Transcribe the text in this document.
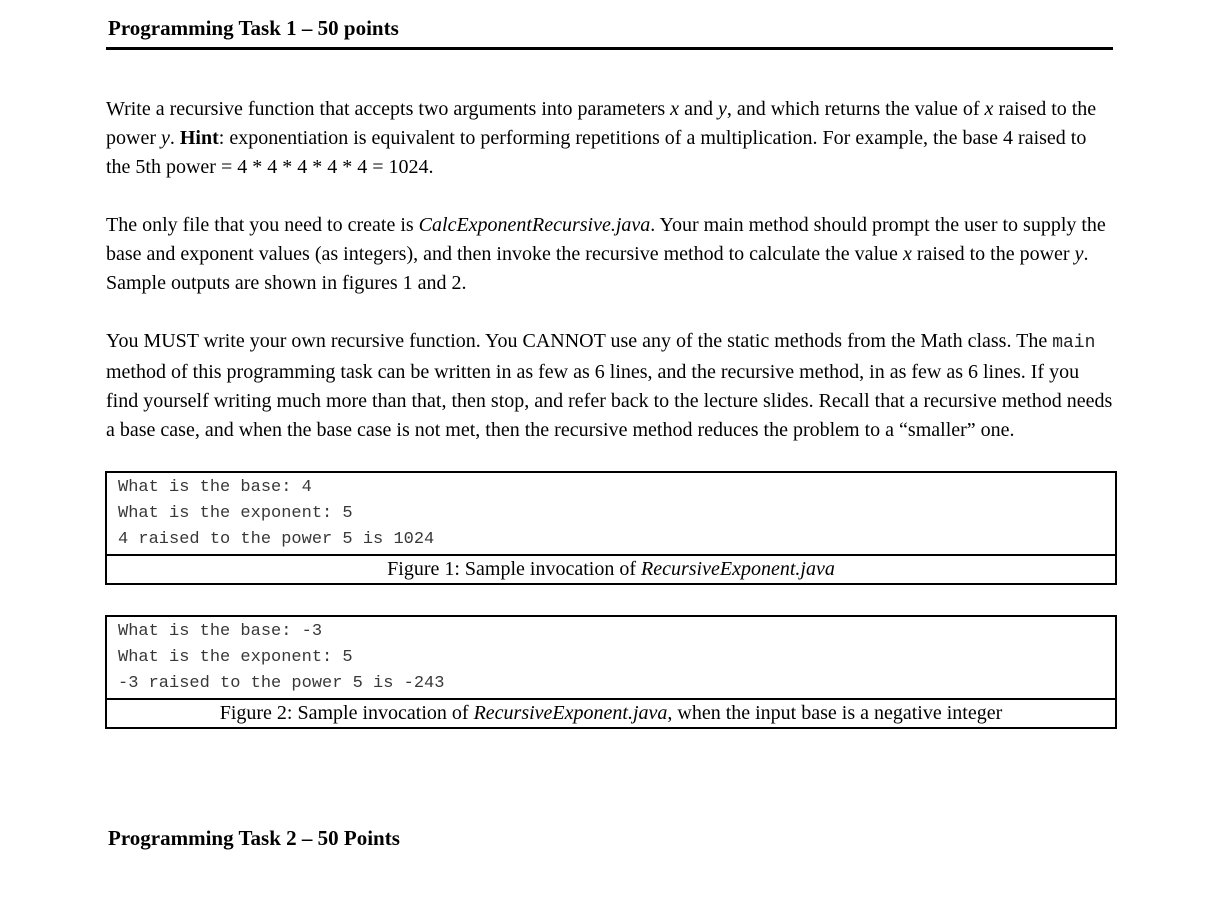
Programming Task 1 – 50 points

Write a recursive function that accepts two arguments into parameters x and y, and which returns the value of x raised to the power y. Hint: exponentiation is equivalent to performing repetitions of a multiplication. For example, the base 4 raised to the 5th power = 4 * 4 * 4 * 4 * 4 = 1024.

The only file that you need to create is CalcExponentRecursive.java. Your main method should prompt the user to supply the base and exponent values (as integers), and then invoke the recursive method to calculate the value x raised to the power y. Sample outputs are shown in figures 1 and 2.

You MUST write your own recursive function. You CANNOT use any of the static methods from the Math class. The main method of this programming task can be written in as few as 6 lines, and the recursive method, in as few as 6 lines. If you find yourself writing much more than that, then stop, and refer back to the lecture slides. Recall that a recursive method needs a base case, and when the base case is not met, then the recursive method reduces the problem to a “smaller” one.

What is the base: 4
What is the exponent: 5
4 raised to the power 5 is 1024
Figure 1: Sample invocation of RecursiveExponent.java
What is the base: -3
What is the exponent: 5
-3 raised to the power 5 is -243
Figure 2: Sample invocation of RecursiveExponent.java, when the input base is a negative integer
Programming Task 2 – 50 Points
